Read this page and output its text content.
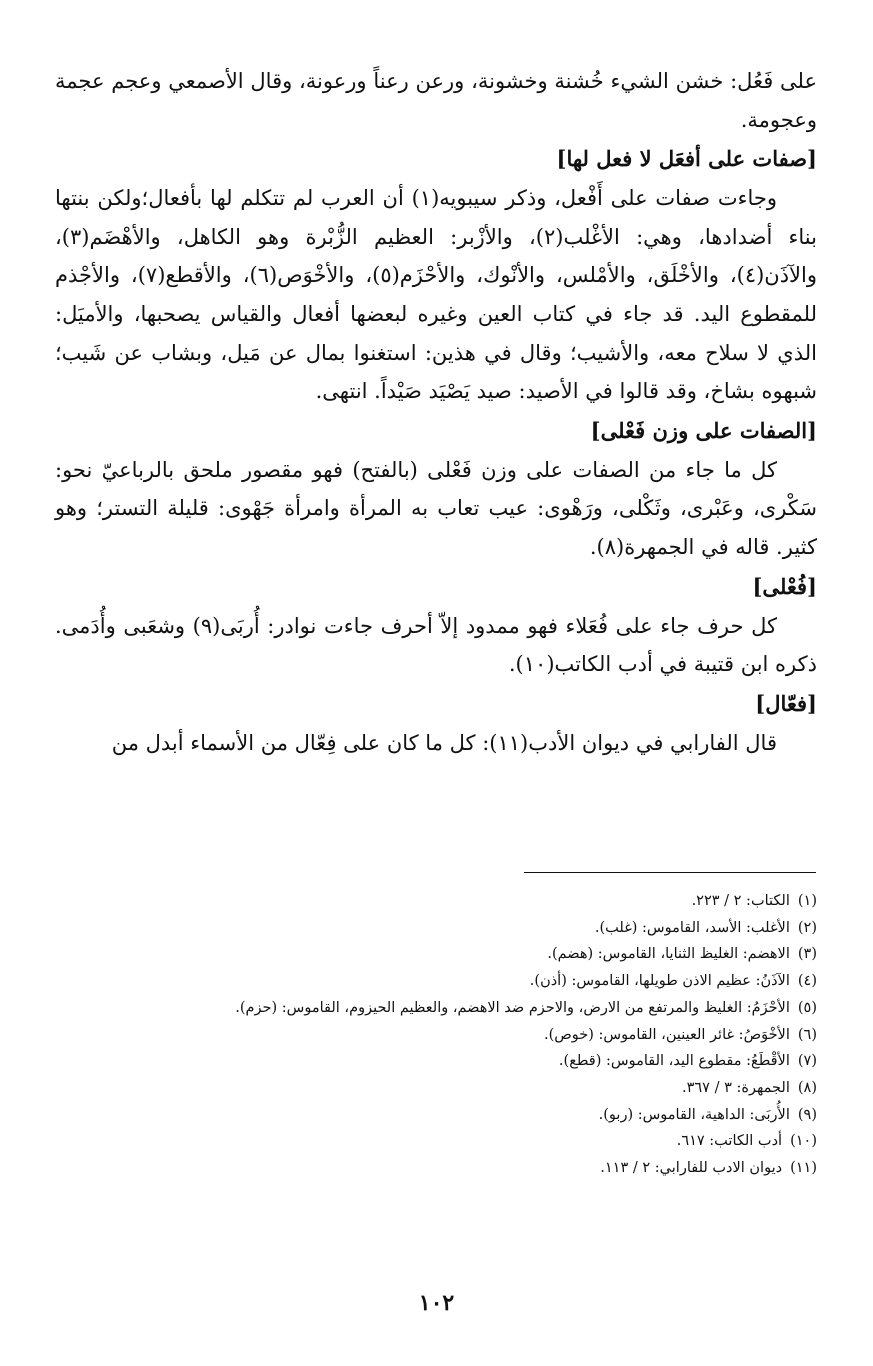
على فَعُل: خشن الشيء خُشنة وخشونة، ورعن رعناً ورعونة، وقال الأصمعي وعجم عجمة وعجومة.

[صفات على أفعَل لا فعل لها]

وجاءت صفات على أَفْعل، وذكر سيبويه(١) أن العرب لم تتكلم لها بأفعال؛ولكن بنتها بناء أضدادها، وهي: الأغْلب(٢)، والأزْبر: العظيم الزُّبْرة وهو الكاهل، والأهْضَم(٣)، والآذَن(٤)، والأخْلَق، والأمْلس، والأنْوك، والأحْزَم(٥)، والأخْوَص(٦)، والأقطع(٧)، والأجْذم للمقطوع اليد. قد جاء في كتاب العين وغيره لبعضها أفعال والقياس يصحبها، والأميَل: الذي لا سلاح معه، والأشيب؛ وقال في هذين: استغنوا بمال عن مَيل، وبشاب عن شَيب؛ شبهوه بشاخ، وقد قالوا في الأصيد: صيد يَصْيَد صَيْداً. انتهى.

[الصفات على وزن فَعْلى]

كل ما جاء من الصفات على وزن فَعْلى (بالفتح) فهو مقصور ملحق بالرباعيّ نحو: سَكْرى، وعَبْرى، وثَكْلى، ورَهْوى: عيب تعاب به المرأة وامرأة جَهْوى: قليلة التستر؛ وهو كثير. قاله في الجمهرة(٨).

[فُعْلى]

كل حرف جاء على فُعَلاء فهو ممدود إلاّ أحرف جاءت نوادر: أُربَى(٩) وشعَبى وأُدَمى. ذكره ابن قتيبة في أدب الكاتب(١٠).

[فعّال]

قال الفارابي في ديوان الأدب(١١): كل ما كان على فِعّال من الأسماء أبدل من

(١)الكتاب: ٢ / ٢٢٣.
(٢)الأغلب: الأسد، القاموس: (غلب).
(٣)الاهضم: الغليظ الثنايا، القاموس: (هضم).
(٤)الآذَنُ: عظيم الاذن طويلها، القاموس: (أذن).
(٥)الأحْزَمُ: الغليظ والمرتفع من الارض، والاحزم ضد الاهضم، والعظيم الحيزوم، القاموس: (حزم).
(٦)الأخْوَصُ: غائر العينين، القاموس: (خوص).
(٧)الأقْطَعُ: مقطوع اليد، القاموس: (قطع).
(٨)الجمهرة: ٣ / ٣٦٧.
(٩)الأُربَى: الداهية، القاموس: (ربو).
(١٠)أدب الكاتب: ٦١٧.
(١١)ديوان الادب للفارابي: ٢ / ١١٣.
١٠٢
